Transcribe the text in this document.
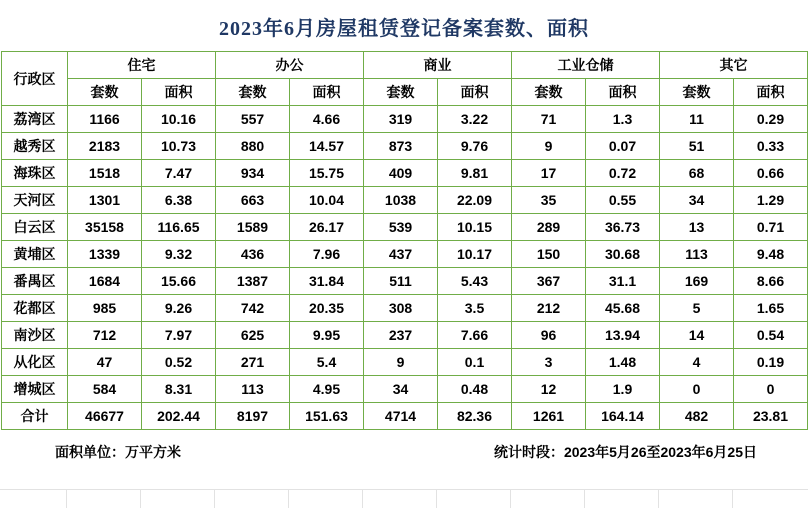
2023年6月房屋租赁登记备案套数、面积
行政区	住宅		办公		商业		工业仓储		其它	
	套数	面积	套数	面积	套数	面积	套数	面积	套数	面积
荔湾区	1166	10.16	557	4.66	319	3.22	71	1.3	11	0.29
越秀区	2183	10.73	880	14.57	873	9.76	9	0.07	51	0.33
海珠区	1518	7.47	934	15.75	409	9.81	17	0.72	68	0.66
天河区	1301	6.38	663	10.04	1038	22.09	35	0.55	34	1.29
白云区	35158	116.65	1589	26.17	539	10.15	289	36.73	13	0.71
黄埔区	1339	9.32	436	7.96	437	10.17	150	30.68	113	9.48
番禺区	1684	15.66	1387	31.84	511	5.43	367	31.1	169	8.66
花都区	985	9.26	742	20.35	308	3.5	212	45.68	5	1.65
南沙区	712	7.97	625	9.95	237	7.66	96	13.94	14	0.54
从化区	47	0.52	271	5.4	9	0.1	3	1.48	4	0.19
增城区	584	8.31	113	4.95	34	0.48	12	1.9	0	0
合计	46677	202.44	8197	151.63	4714	82.36	1261	164.14	482	23.81
面积单位：万平方米	统计时段：2023年5月26至2023年6月25日
